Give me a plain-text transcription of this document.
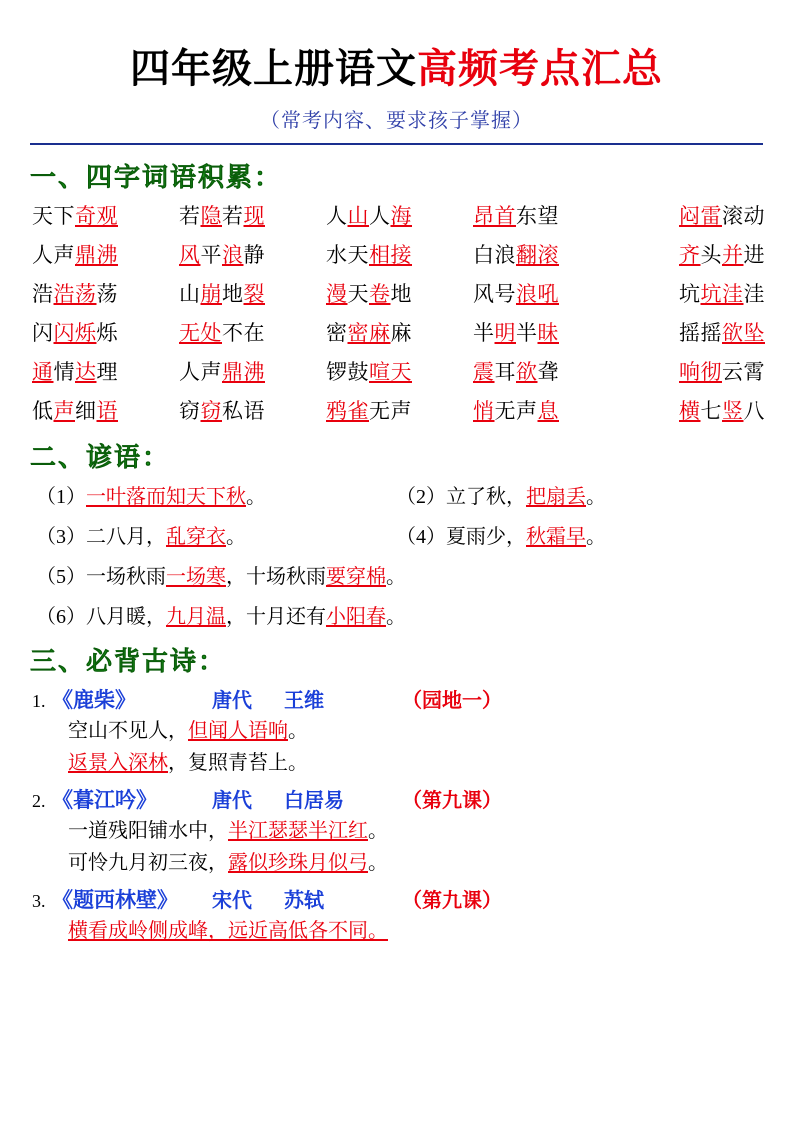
四年级上册语文高频考点汇总
（常考内容、要求孩子掌握）
一、四字词语积累：
天下奇观	若隐若现	人山人海	昂首东望	闷雷滚动
人声鼎沸	风平浪静	水天相接	白浪翻滚	齐头并进
浩浩荡荡	山崩地裂	漫天卷地	风号浪吼	坑坑洼洼
闪闪烁烁	无处不在	密密麻麻	半明半昧	摇摇欲坠
通情达理	人声鼎沸	锣鼓喧天	震耳欲聋	响彻云霄
低声细语	窃窃私语	鸦雀无声	悄无声息	横七竖八
二、谚语：
（1）一叶落而知天下秋。	（2）立了秋，把扇丢。
（3）二八月，乱穿衣。	（4）夏雨少，秋霜早。
（5）一场秋雨一场寒，十场秋雨要穿棉。
（6）八月暖，九月温，十月还有小阳春。
三、必背古诗：
1. 《鹿柴》	唐代	王维	（园地一）
空山不见人，但闻人语响。
返景入深林，复照青苔上。
2. 《暮江吟》	唐代	白居易	（第九课）
一道残阳铺水中，半江瑟瑟半江红。
可怜九月初三夜，露似珍珠月似弓。
3. 《题西林壁》	宋代	苏轼	（第九课）
横看成岭侧成峰，远近高低各不同。
